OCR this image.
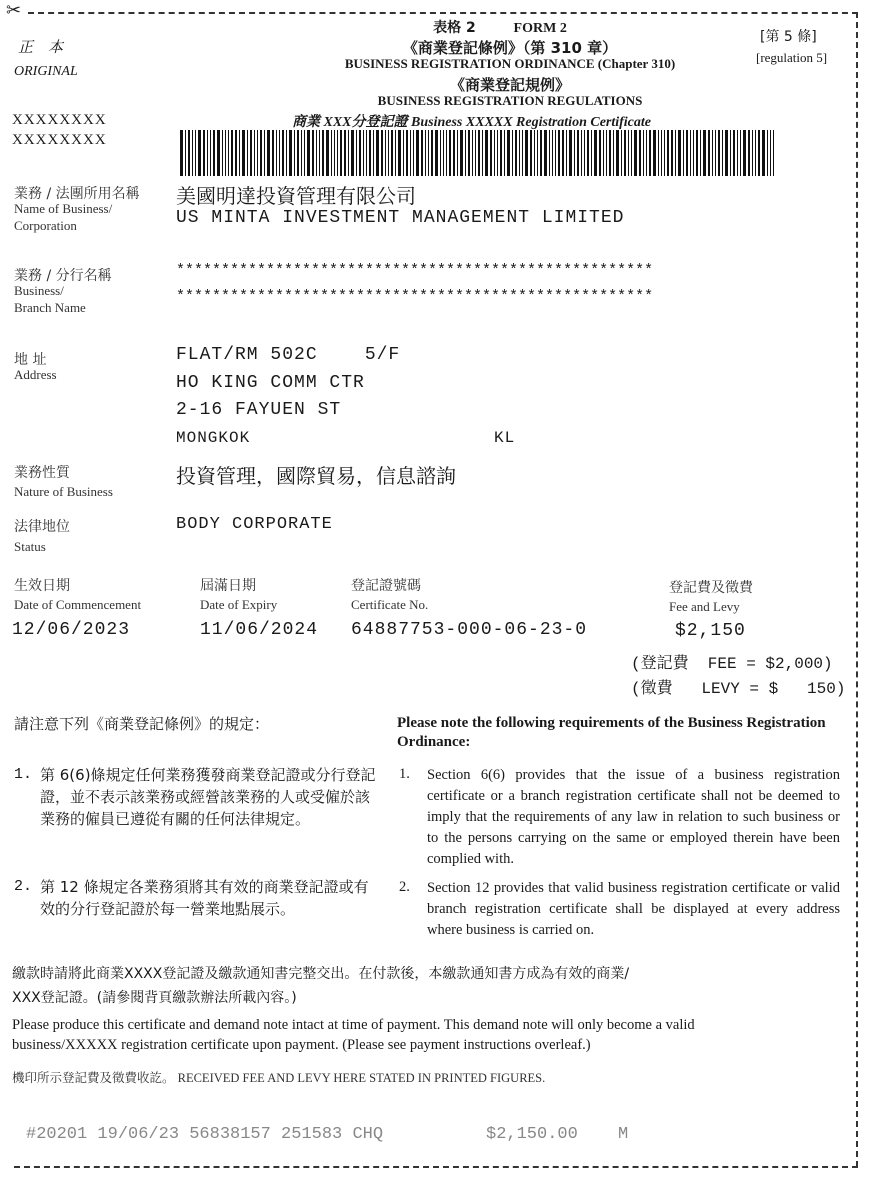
✂
正　本
ORIGINAL
XXXXXXXX
XXXXXXXX
[第 5 條]
[regulation 5]
表格 2	FORM 2
《商業登記條例》（第 310 章）
BUSINESS REGISTRATION ORDINANCE (Chapter 310)
《商業登記規例》
BUSINESS REGISTRATION REGULATIONS
商業 XXX分登記證 Business XXXXX Registration Certificate
業務 / 法團所用名稱
Name of Business/
Corporation
美國明達投資管理有限公司
US MINTA INVESTMENT MANAGEMENT LIMITED
業務 / 分行名稱
Business/
Branch Name
*****************************************************
*****************************************************
地 址
Address
FLAT/RM 502C    5/F
HO KING COMM CTR
2-16 FAYUEN ST
MONGKOK	KL
業務性質
Nature of Business
投資管理，國際貿易，信息諮詢
法律地位
Status
BODY CORPORATE
生效日期
Date of Commencement
12/06/2023
屆滿日期
Date of Expiry
11/06/2024
登記證號碼
Certificate No.
64887753-000-06-23-0
登記費及徵費
Fee and Levy
$2,150
(登記費  FEE = $2,000)
(徵費   LEVY = $   150)
請注意下列《商業登記條例》的規定：	Please note the following requirements of the Business Registration Ordinance:
1. 第 6(6)條規定任何業務獲發商業登記證或分行登記證，並不表示該業務或經營該業務的人或受僱於該業務的僱員已遵從有關的任何法律規定。
1. Section 6(6) provides that the issue of a business registration certificate or a branch registration certificate shall not be deemed to imply that the requirements of any law in relation to such business or to the persons carrying on the same or employed therein have been complied with.
2. 第 12 條規定各業務須將其有效的商業登記證或有效的分行登記證於每一營業地點展示。
2. Section 12 provides that valid business registration certificate or valid branch registration certificate shall be displayed at every address where business is carried on.
繳款時請將此商業XXXX登記證及繳款通知書完整交出。在付款後，本繳款通知書方成為有效的商業/
XXX登記證。(請參閱背頁繳款辦法所載內容。)
Please produce this certificate and demand note intact at time of payment. This demand note will only become a valid
business/XXXXX registration certificate upon payment. (Please see payment instructions overleaf.)
機印所示登記費及徵費收訖。 RECEIVED FEE AND LEVY HERE STATED IN PRINTED FIGURES.
#20201 19/06/23 56838157 251583 CHQ	$2,150.00 M
